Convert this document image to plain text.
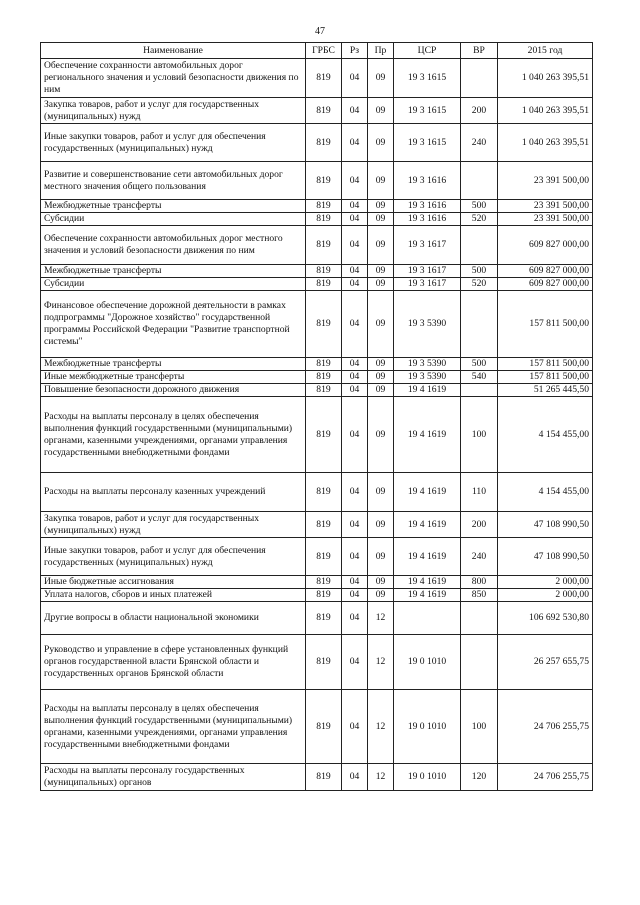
47
Наименование	ГРБС	Рз	Пр	ЦСР	ВР	2015 год
Обеспечение сохранности автомобильных дорог регионального значения и условий безопасности движения по ним	819	04	09	19 3 1615		1 040 263 395,51
Закупка товаров, работ и услуг для государственных (муниципальных) нужд	819	04	09	19 3 1615	200	1 040 263 395,51
Иные закупки товаров, работ и услуг для обеспечения государственных (муниципальных) нужд	819	04	09	19 3 1615	240	1 040 263 395,51
Развитие и совершенствование сети автомобильных дорог местного значения общего пользования	819	04	09	19 3 1616		23 391 500,00
Межбюджетные трансферты	819	04	09	19 3 1616	500	23 391 500,00
Субсидии	819	04	09	19 3 1616	520	23 391 500,00
Обеспечение сохранности автомобильных дорог местного значения и условий безопасности движения по ним	819	04	09	19 3 1617		609 827 000,00
Межбюджетные трансферты	819	04	09	19 3 1617	500	609 827 000,00
Субсидии	819	04	09	19 3 1617	520	609 827 000,00
Финансовое обеспечение дорожной деятельности в рамках подпрограммы "Дорожное хозяйство" государственной программы Российской Федерации "Развитие транспортной системы"	819	04	09	19 3 5390		157 811 500,00
Межбюджетные трансферты	819	04	09	19 3 5390	500	157 811 500,00
Иные межбюджетные трансферты	819	04	09	19 3 5390	540	157 811 500,00
Повышение безопасности дорожного движения	819	04	09	19 4 1619		51 265 445,50
Расходы на выплаты персоналу в целях обеспечения выполнения функций государственными (муниципальными) органами, казенными учреждениями, органами управления государственными внебюджетными фондами	819	04	09	19 4 1619	100	4 154 455,00
Расходы на выплаты персоналу казенных учреждений	819	04	09	19 4 1619	110	4 154 455,00
Закупка товаров, работ и услуг для государственных (муниципальных) нужд	819	04	09	19 4 1619	200	47 108 990,50
Иные закупки товаров, работ и услуг для обеспечения государственных (муниципальных) нужд	819	04	09	19 4 1619	240	47 108 990,50
Иные бюджетные ассигнования	819	04	09	19 4 1619	800	2 000,00
Уплата налогов, сборов и иных платежей	819	04	09	19 4 1619	850	2 000,00
Другие вопросы в области национальной экономики	819	04	12			106 692 530,80
Руководство и управление в сфере установленных функций органов государственной власти Брянской области и государственных органов Брянской области	819	04	12	19 0 1010		26 257 655,75
Расходы на выплаты персоналу в целях обеспечения выполнения функций государственными (муниципальными) органами, казенными учреждениями, органами управления государственными внебюджетными фондами	819	04	12	19 0 1010	100	24 706 255,75
Расходы на выплаты персоналу государственных (муниципальных) органов	819	04	12	19 0 1010	120	24 706 255,75
